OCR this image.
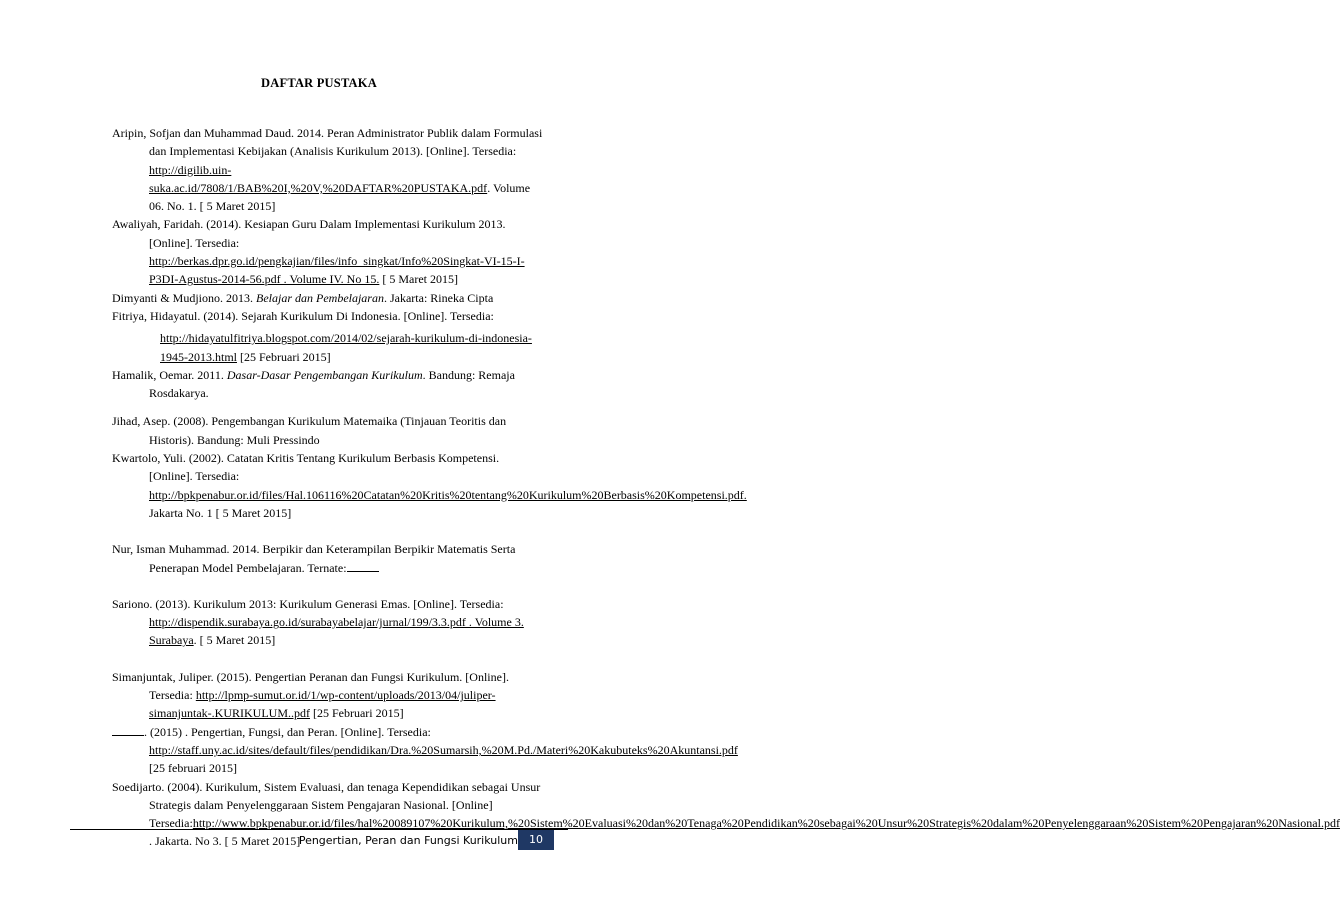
DAFTAR PUSTAKA
Aripin, Sofjan dan Muhammad Daud. 2014. Peran Administrator Publik dalam Formulasi dan Implementasi Kebijakan (Analisis Kurikulum 2013). [Online]. Tersedia: http://digilib.uin-suka.ac.id/7808/1/BAB%20I,%20V,%20DAFTAR%20PUSTAKA.pdf. Volume 06. No. 1. [ 5 Maret 2015]
Awaliyah, Faridah. (2014). Kesiapan Guru Dalam Implementasi Kurikulum 2013. [Online]. Tersedia: http://berkas.dpr.go.id/pengkajian/files/info_singkat/Info%20Singkat-VI-15-I-P3DI-Agustus-2014-56.pdf . Volume IV. No 15. [ 5 Maret 2015]
Dimyanti & Mudjiono. 2013. Belajar dan Pembelajaran. Jakarta: Rineka Cipta
Fitriya, Hidayatul. (2014). Sejarah Kurikulum Di Indonesia. [Online]. Tersedia:
http://hidayatulfitriya.blogspot.com/2014/02/sejarah-kurikulum-di-indonesia-1945-2013.html [25 Februari 2015]
Hamalik, Oemar. 2011. Dasar-Dasar Pengembangan Kurikulum. Bandung: Remaja Rosdakarya.
Jihad, Asep. (2008). Pengembangan Kurikulum Matemaika (Tinjauan Teoritis dan Historis). Bandung: Muli Pressindo
Kwartolo, Yuli. (2002). Catatan Kritis Tentang Kurikulum Berbasis Kompetensi. [Online]. Tersedia: http://bpkpenabur.or.id/files/Hal.106116%20Catatan%20Kritis%20tentang%20Kurikulum%20Berbasis%20Kompetensi.pdf. Jakarta No. 1 [ 5 Maret 2015]
Nur, Isman Muhammad. 2014. Berpikir dan Keterampilan Berpikir Matematis Serta Penerapan Model Pembelajaran. Ternate:
Sariono. (2013). Kurikulum 2013: Kurikulum Generasi Emas. [Online]. Tersedia: http://dispendik.surabaya.go.id/surabayabelajar/jurnal/199/3.3.pdf . Volume 3. Surabaya. [ 5 Maret 2015]
Simanjuntak, Juliper. (2015). Pengertian Peranan dan Fungsi Kurikulum. [Online]. Tersedia: http://lpmp-sumut.or.id/1/wp-content/uploads/2013/04/juliper-simanjuntak-.KURIKULUM..pdf [25 Februari 2015]
. (2015) . Pengertian, Fungsi, dan Peran. [Online]. Tersedia: http://staff.uny.ac.id/sites/default/files/pendidikan/Dra.%20Sumarsih,%20M.Pd./Materi%20Kakubuteks%20Akuntansi.pdf [25 februari 2015]
Soedijarto. (2004). Kurikulum, Sistem Evaluasi, dan tenaga Kependidikan sebagai Unsur Strategis dalam Penyelenggaraan Sistem Pengajaran Nasional. [Online] Tersedia:http://www.bpkpenabur.or.id/files/hal%20089107%20Kurikulum,%20Sistem%20Evaluasi%20dan%20Tenaga%20Pendidikan%20sebagai%20Unsur%20Strategis%20dalam%20Penyelenggaraan%20Sistem%20Pengajaran%20Nasional.pdf . Jakarta. No 3. [ 5 Maret 2015]
Pengertian, Peran dan Fungsi Kurikulum	10
